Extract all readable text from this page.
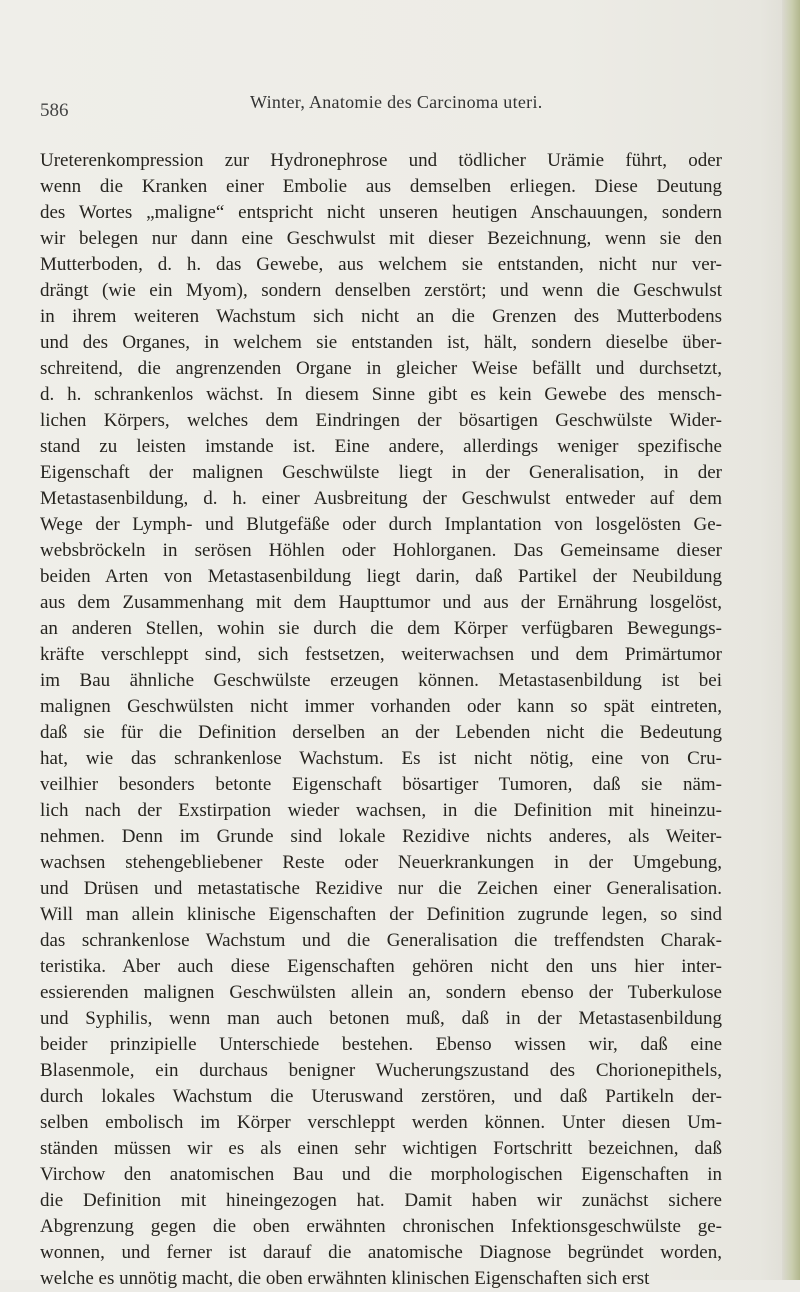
586	Winter, Anatomie des Carcinoma uteri.
Ureterenkompression zur Hydronephrose und tödlicher Urämie führt, oder
wenn die Kranken einer Embolie aus demselben erliegen. Diese Deutung
des Wortes „maligne“ entspricht nicht unseren heutigen Anschauungen, sondern
wir belegen nur dann eine Geschwulst mit dieser Bezeichnung, wenn sie den
Mutterboden, d. h. das Gewebe, aus welchem sie entstanden, nicht nur ver-
drängt (wie ein Myom), sondern denselben zerstört; und wenn die Geschwulst
in ihrem weiteren Wachstum sich nicht an die Grenzen des Mutterbodens
und des Organes, in welchem sie entstanden ist, hält, sondern dieselbe über-
schreitend, die angrenzenden Organe in gleicher Weise befällt und durchsetzt,
d. h. schrankenlos wächst. In diesem Sinne gibt es kein Gewebe des mensch-
lichen Körpers, welches dem Eindringen der bösartigen Geschwülste Wider-
stand zu leisten imstande ist. Eine andere, allerdings weniger spezifische
Eigenschaft der malignen Geschwülste liegt in der Generalisation, in der
Metastasenbildung, d. h. einer Ausbreitung der Geschwulst entweder auf dem
Wege der Lymph- und Blutgefäße oder durch Implantation von losgelösten Ge-
websbröckeln in serösen Höhlen oder Hohlorganen. Das Gemeinsame dieser
beiden Arten von Metastasenbildung liegt darin, daß Partikel der Neubildung
aus dem Zusammenhang mit dem Haupttumor und aus der Ernährung losgelöst,
an anderen Stellen, wohin sie durch die dem Körper verfügbaren Bewegungs-
kräfte verschleppt sind, sich festsetzen, weiterwachsen und dem Primärtumor
im Bau ähnliche Geschwülste erzeugen können. Metastasenbildung ist bei
malignen Geschwülsten nicht immer vorhanden oder kann so spät eintreten,
daß sie für die Definition derselben an der Lebenden nicht die Bedeutung
hat, wie das schrankenlose Wachstum. Es ist nicht nötig, eine von Cru-
veilhier besonders betonte Eigenschaft bösartiger Tumoren, daß sie näm-
lich nach der Exstirpation wieder wachsen, in die Definition mit hineinzu-
nehmen. Denn im Grunde sind lokale Rezidive nichts anderes, als Weiter-
wachsen stehengebliebener Reste oder Neuerkrankungen in der Umgebung,
und Drüsen und metastatische Rezidive nur die Zeichen einer Generalisation.
Will man allein klinische Eigenschaften der Definition zugrunde legen, so sind
das schrankenlose Wachstum und die Generalisation die treffendsten Charak-
teristika. Aber auch diese Eigenschaften gehören nicht den uns hier inter-
essierenden malignen Geschwülsten allein an, sondern ebenso der Tuberkulose
und Syphilis, wenn man auch betonen muß, daß in der Metastasenbildung
beider prinzipielle Unterschiede bestehen. Ebenso wissen wir, daß eine
Blasenmole, ein durchaus benigner Wucherungszustand des Chorionepithels,
durch lokales Wachstum die Uteruswand zerstören, und daß Partikeln der-
selben embolisch im Körper verschleppt werden können. Unter diesen Um-
ständen müssen wir es als einen sehr wichtigen Fortschritt bezeichnen, daß
Virchow den anatomischen Bau und die morphologischen Eigenschaften in
die Definition mit hineingezogen hat. Damit haben wir zunächst sichere
Abgrenzung gegen die oben erwähnten chronischen Infektionsgeschwülste ge-
wonnen, und ferner ist darauf die anatomische Diagnose begründet worden,
welche es unnötig macht, die oben erwähnten klinischen Eigenschaften sich erst
